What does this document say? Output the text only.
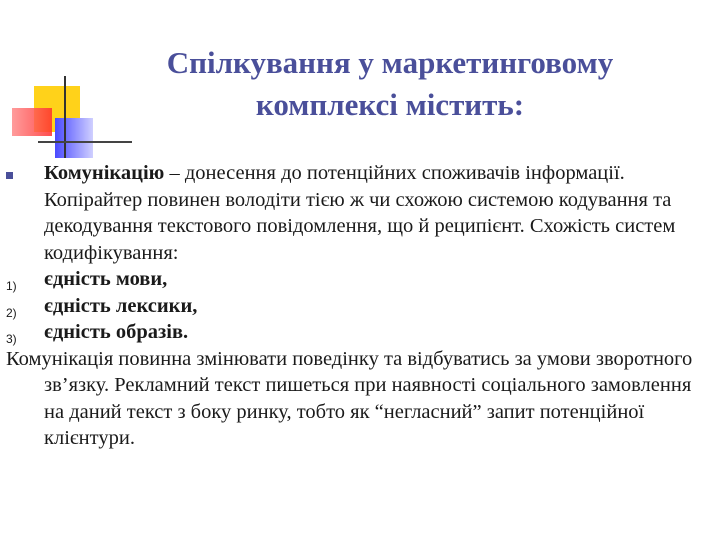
Спілкування у маркетинговому
комплексі містить:
Комунікацію – донесення до потенційних споживачів інформації. Копірайтер повинен володіти тією ж чи схожою системою кодування та декодування текстового повідомлення, що й реципієнт. Схожість систем кодифікування:
1) єдність мови,
2) єдність лексики,
3) єдність образів.
Комунікація повинна змінювати поведінку та відбуватись за умови зворотного зв’язку. Рекламний текст пишеться при наявності соціального замовлення на даний текст з боку ринку, тобто як “негласний” запит потенційної клієнтури.
